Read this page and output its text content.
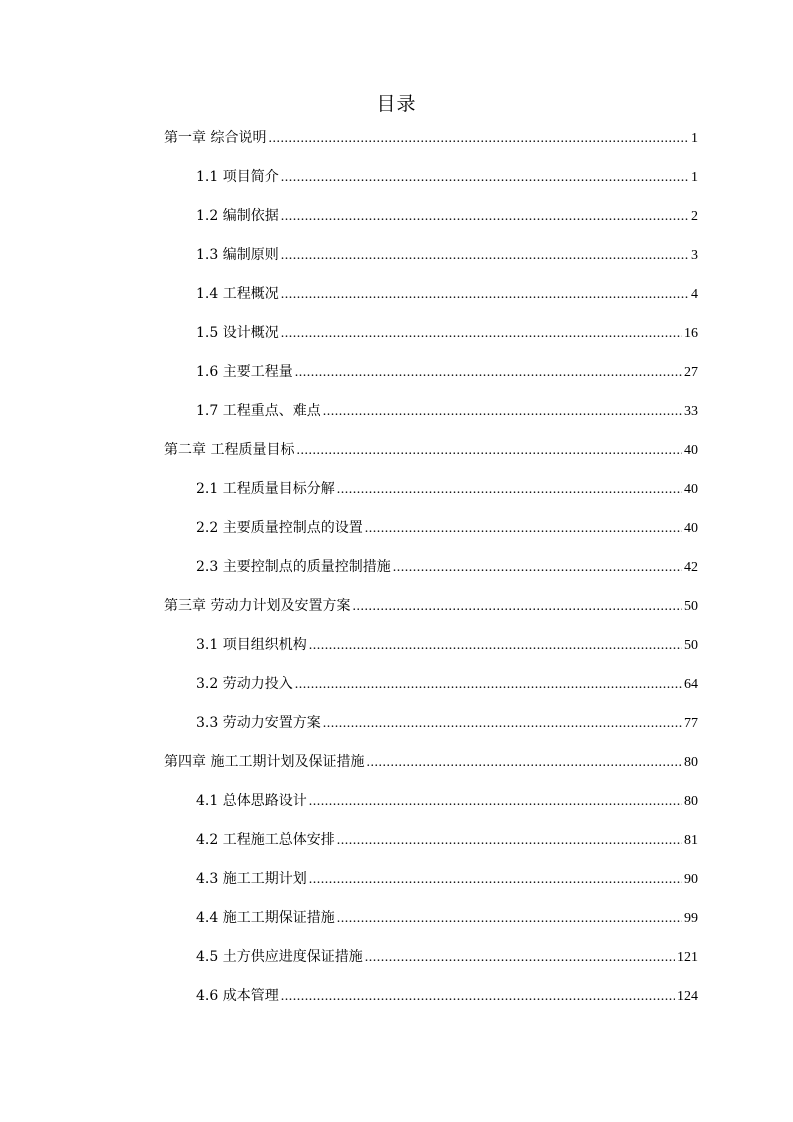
目录
第一章 综合说明 .....	1
1.1 项目简介 .....	1
1.2 编制依据 .....	2
1.3 编制原则 .....	3
1.4 工程概况 .....	4
1.5 设计概况 .....	16
1.6 主要工程量 .....	27
1.7 工程重点、难点 .....	33
第二章 工程质量目标 .....	40
2.1 工程质量目标分解 .....	40
2.2 主要质量控制点的设置 .....	40
2.3 主要控制点的质量控制措施 .....	42
第三章 劳动力计划及安置方案 .....	50
3.1 项目组织机构 .....	50
3.2 劳动力投入 .....	64
3.3 劳动力安置方案 .....	77
第四章 施工工期计划及保证措施 .....	80
4.1 总体思路设计 .....	80
4.2 工程施工总体安排 .....	81
4.3 施工工期计划 .....	90
4.4 施工工期保证措施 .....	99
4.5 土方供应进度保证措施 .....	121
4.6 成本管理 .....	124
